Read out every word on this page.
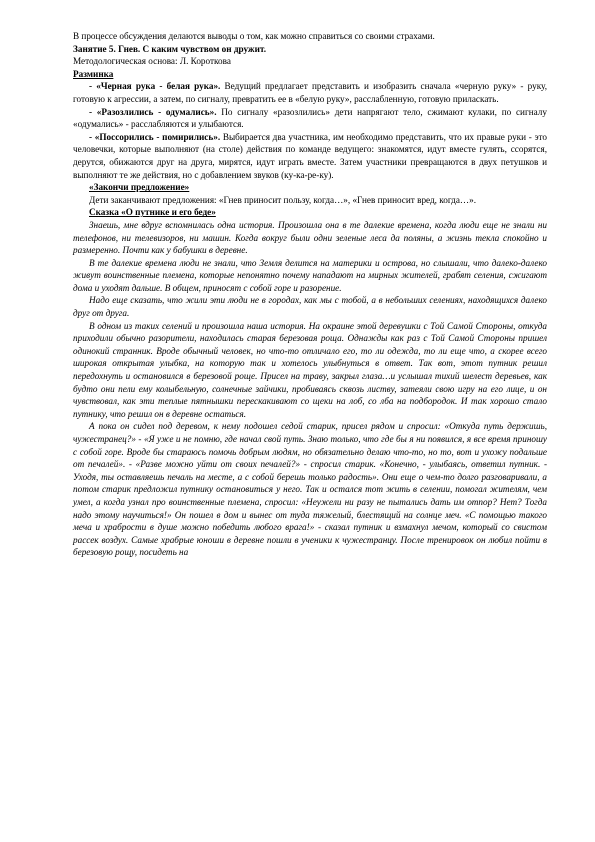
В процессе обсуждения делаются выводы о том, как можно справиться со своими страхами.

Занятие 5. Гнев. С каким чувством он дружит.

Методологическая основа: Л. Короткова

Разминка

- «Черная рука - белая рука». Ведущий предлагает представить и изобразить сначала «черную руку» - руку, готовую к агрессии, а затем, по сигналу, превратить ее в «белую руку», расслабленную, готовую приласкать.

- «Разозлились - одумались». По сигналу «разозлились» дети напрягают тело, сжимают кулаки, по сигналу «одумались» - расслабляются и улыбаются.

- «Поссорились - помирились». Выбирается два участника, им необходимо представить, что их правые руки - это человечки, которые выполняют (на столе) действия по команде ведущего: знакомятся, идут вместе гулять, ссорятся, дерутся, обижаются друг на друга, мирятся, идут играть вместе. Затем участники превращаются в двух петушков и выполняют те же действия, но с добавлением звуков (ку-ка-ре-ку).

«Закончи предложение»

Дети заканчивают предложения: «Гнев приносит пользу, когда…», «Гнев приносит вред, когда…».

Сказка «О путнике и его беде»

Знаешь, мне вдруг вспомнилась одна история. Произошла она в те далекие времена, когда люди еще не знали ни телефонов, ни телевизоров, ни машин. Когда вокруг были одни зеленые леса да поляны, а жизнь текла спокойно и размеренно. Почти как у бабушки в деревне.

В те далекие времена люди не знали, что Земля делится на материки и острова, но слышали, что далеко-далеко живут воинственные племена, которые непонятно почему нападают на мирных жителей, грабят селения, сжигают дома и уходят дальше. В общем, приносят с собой горе и разорение.

Надо еще сказать, что жили эти люди не в городах, как мы с тобой, а в небольших селениях, находящихся далеко друг от друга.

В одном из таких селений и произошла наша история. На окраине этой деревушки с Той Самой Стороны, откуда приходили обычно разорители, находилась старая березовая роща. Однажды как раз с Той Самой Стороны пришел одинокий странник. Вроде обычный человек, но что-то отличало его, то ли одежда, то ли еще что, а скорее всего широкая открытая улыбка, на которую так и хотелось улыбнуться в ответ. Так вот, этот путник решил передохнуть и остановился в березовой роще. Присел на траву, закрыл глаза…и услышал тихий шелест деревьев, как будто они пели ему колыбельную, солнечные зайчики, пробиваясь сквозь листву, затеяли свою игру на его лице, и он чувствовал, как эти теплые пятнышки перескакивают со щеки на лоб, со лба на подбородок. И так хорошо стало путнику, что решил он в деревне остаться.

А пока он сидел под деревом, к нему подошел седой старик, присел рядом и спросил: «Откуда путь держишь, чужестранец?» - «Я уже и не помню, где начал свой путь. Знаю только, что где бы я ни появился, я все время приношу с собой горе. Вроде бы стараюсь помочь добрым людям, но обязательно делаю что-то, но то, вот и ухожу подальше от печалей». - «Разве можно уйти от своих печалей?» - спросил старик. «Конечно, - улыбаясь, ответил путник. - Уходя, ты оставляешь печаль на месте, а с собой берешь только радость». Они еще о чем-то долго разговаривали, а потом старик предложил путнику остановиться у него. Так и остался тот жить в селении, помогал жителям, чем умел, а когда узнал про воинственные племена, спросил: «Неужели ни разу не пытались дать им отпор? Нет? Тогда надо этому научиться!» Он пошел в дом и вынес от туда тяжелый, блестящий на солнце меч. «С помощью такого меча и храбрости в душе можно победить любого врага!» - сказал путник и взмахнул мечом, который со свистом рассек воздух. Самые храбрые юноши в деревне пошли в ученики к чужестранцу. После тренировок он любил пойти в березовую рощу, посидеть на
